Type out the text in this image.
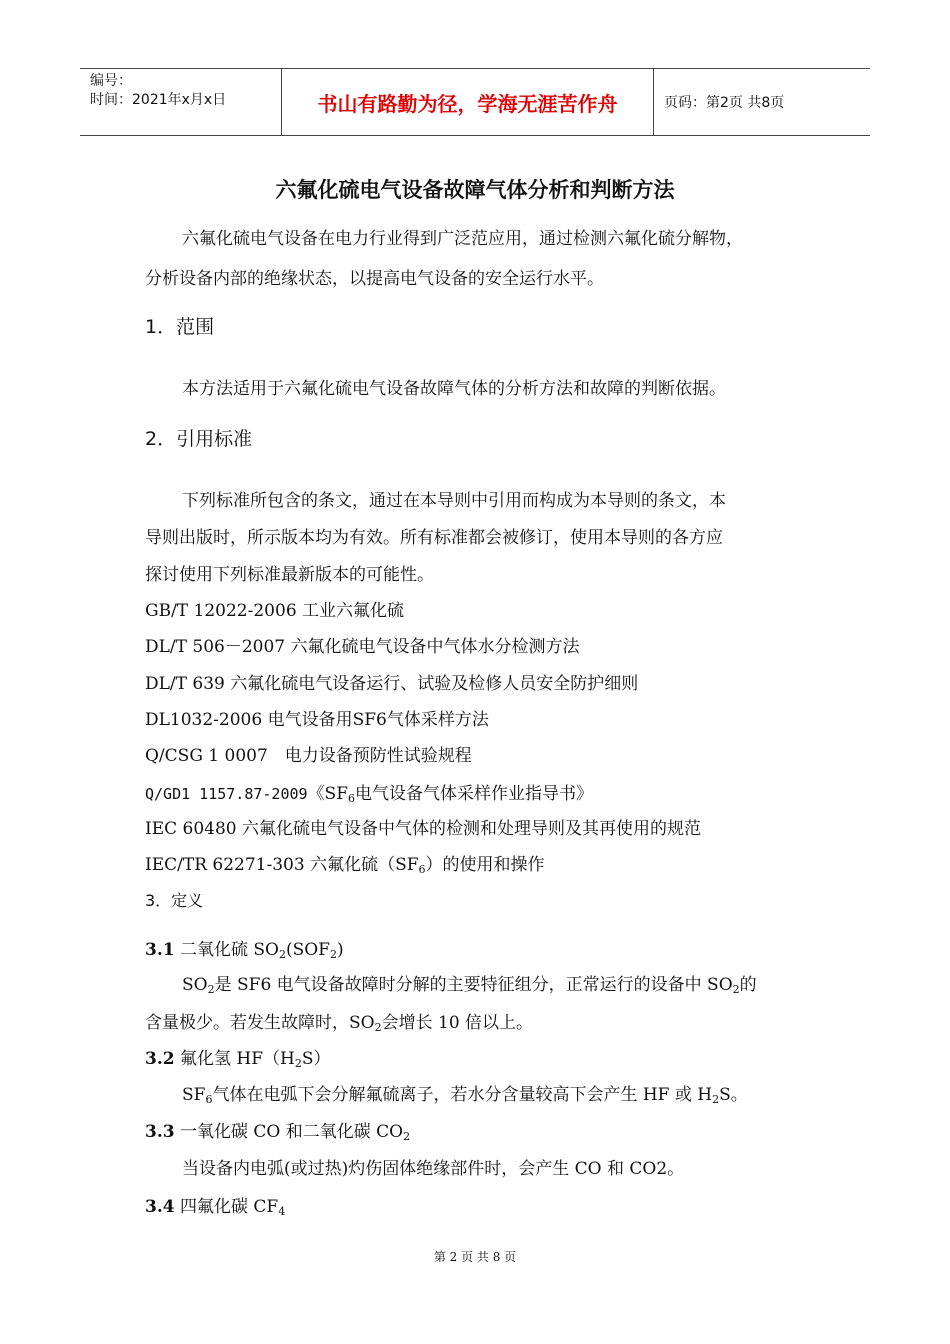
编号：
时间：2021年x月x日	书山有路勤为径，学海无涯苦作舟	页码：第2页 共8页
六氟化硫电气设备故障气体分析和判断方法
六氟化硫电气设备在电力行业得到广泛范应用，通过检测六氟化硫分解物，
分析设备内部的绝缘状态，以提高电气设备的安全运行水平。
1．范围
本方法适用于六氟化硫电气设备故障气体的分析方法和故障的判断依据。
2．引用标准
下列标准所包含的条文，通过在本导则中引用而构成为本导则的条文，本
导则出版时，所示版本均为有效。所有标准都会被修订，使用本导则的各方应
探讨使用下列标准最新版本的可能性。
GB/T 12022-2006 工业六氟化硫
DL/T 506－2007 六氟化硫电气设备中气体水分检测方法
DL/T 639 六氟化硫电气设备运行、试验及检修人员安全防护细则
DL1032-2006 电气设备用SF6气体采样方法
Q/CSG 1 0007　电力设备预防性试验规程
Q/GD1 1157.87-2009《$SF_6$电气设备气体采样作业指导书》
IEC 60480 六氟化硫电气设备中气体的检测和处理导则及其再使用的规范
IEC/TR 62271-303 六氟化硫$(SF_6)$的使用和操作
3．定义
3.1 二氧化硫 $SO_2(SOF_2)$
$SO_2$是 SF6 电气设备故障时分解的主要特征组分，正常运行的设备中 $SO_2$的
含量极少。若发生故障时，$SO_2$会增长 10 倍以上。
3.2 氟化氢 $HF(H_2S)$
$SF_6$气体在电弧下会分解氟硫离子，若水分含量较高下会产生 HF 或 $H_2S$。
3.3 一氧化碳 CO 和二氧化碳 $CO_2$
当设备内电弧(或过热)灼伤固体绝缘部件时，会产生 CO 和 CO2。
3.4 四氟化碳 $CF_4$
第 2 页 共 8 页
